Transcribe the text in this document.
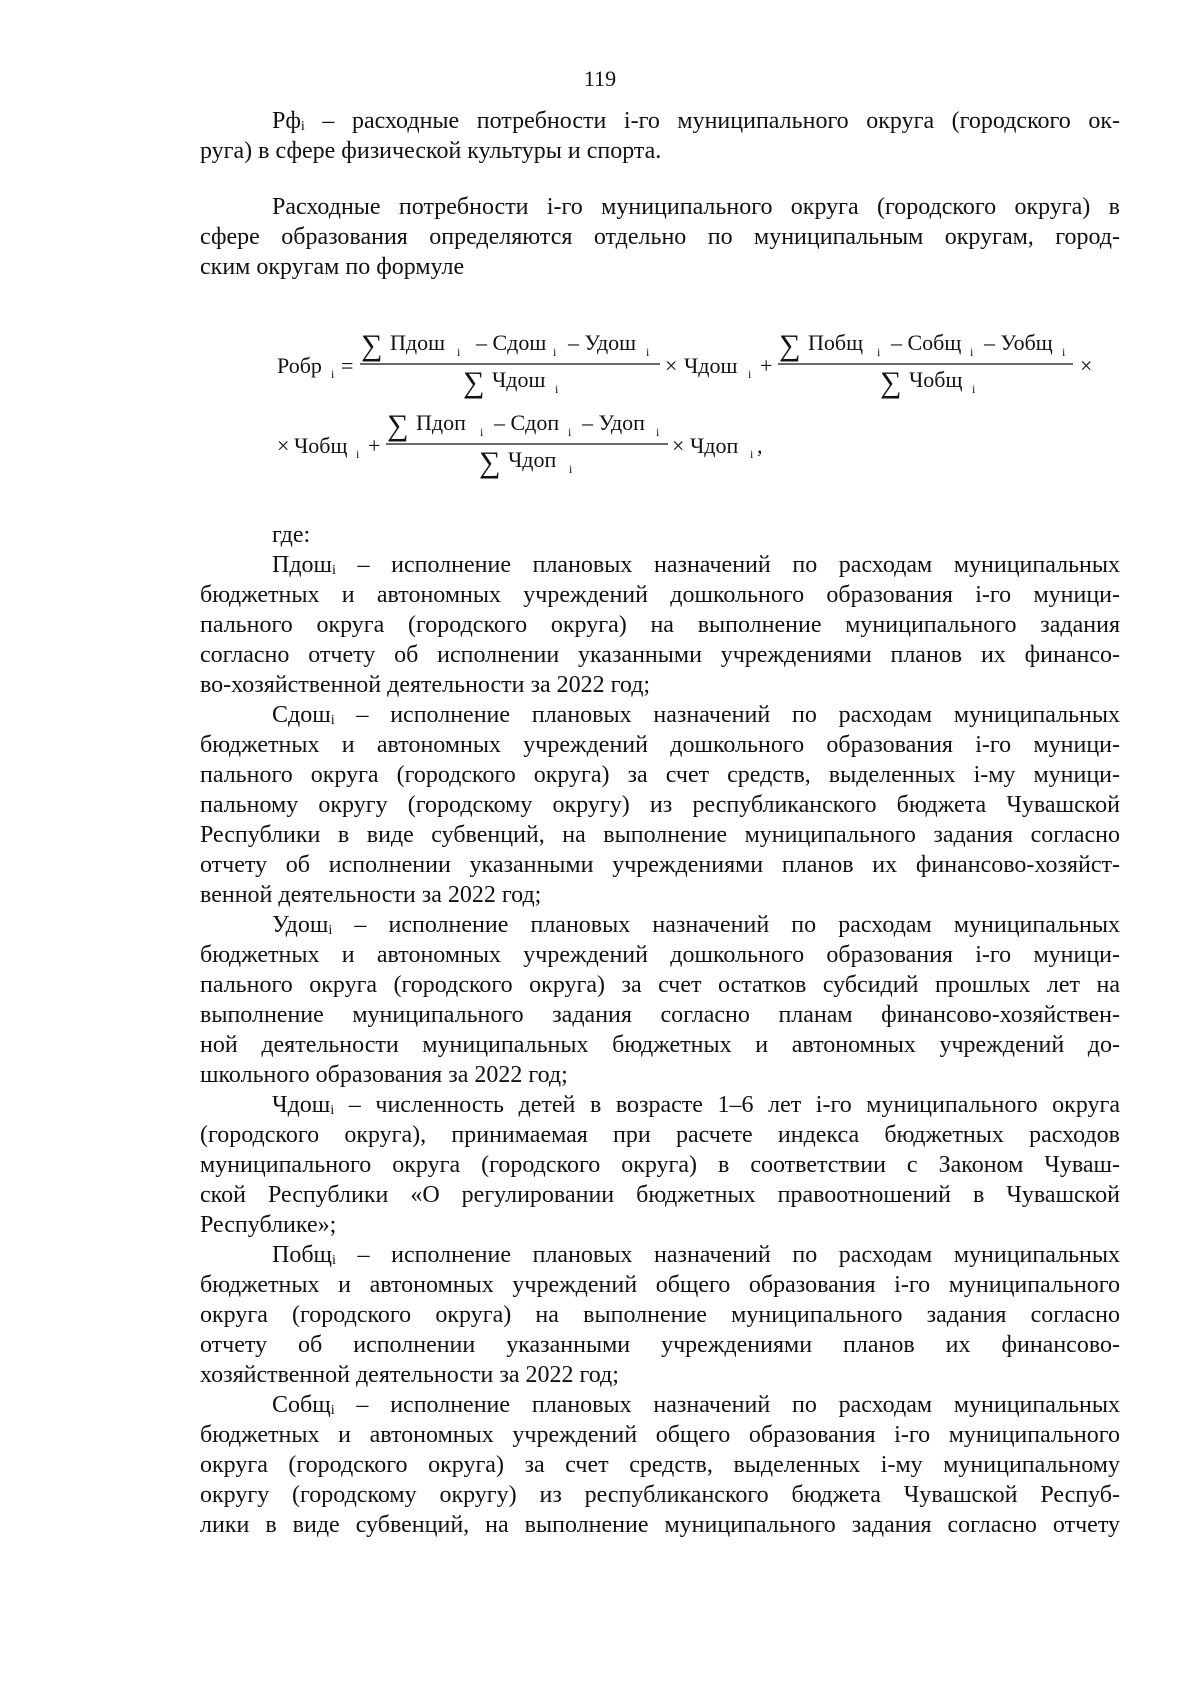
119
Рфᵢ – расходные потребности i-го муниципального округа (городского ок-
руга) в сфере физической культуры и спорта.
Расходные потребности i-го муниципального округа (городского округа) в
сфере образования определяются отдельно по муниципальным округам, город-
ским округам по формуле
Робр i =
∑ Пдош i – Сдош i – Удош i
∑ Чдош i
× Чдош i +
∑ Побщ i – Собщ i – Уобщ i
∑ Чобщ i
×
× Чобщ i +
∑ Пдоп i – Сдоп i – Удоп i
∑ Чдоп i
× Чдоп i ,
где:
Пдошᵢ – исполнение плановых назначений по расходам муниципальных
бюджетных и автономных учреждений дошкольного образования i-го муници-
пального округа (городского округа) на выполнение муниципального задания
согласно отчету об исполнении указанными учреждениями планов их финансо-
во-хозяйственной деятельности за 2022 год;
Сдошᵢ – исполнение плановых назначений по расходам муниципальных
бюджетных и автономных учреждений дошкольного образования i-го муници-
пального округа (городского округа) за счет средств, выделенных i-му муници-
пальному округу (городскому округу) из республиканского бюджета Чувашской
Республики в виде субвенций, на выполнение муниципального задания согласно
отчету об исполнении указанными учреждениями планов их финансово-хозяйст-
венной деятельности за 2022 год;
Удошᵢ – исполнение плановых назначений по расходам муниципальных
бюджетных и автономных учреждений дошкольного образования i-го муници-
пального округа (городского округа) за счет остатков субсидий прошлых лет на
выполнение муниципального задания согласно планам финансово-хозяйствен-
ной деятельности муниципальных бюджетных и автономных учреждений до-
школьного образования за 2022 год;
Чдошᵢ – численность детей в возрасте 1–6 лет i-го муниципального округа
(городского округа), принимаемая при расчете индекса бюджетных расходов
муниципального округа (городского округа) в соответствии с Законом Чуваш-
ской Республики «О регулировании бюджетных правоотношений в Чувашской
Республике»;
Побщᵢ – исполнение плановых назначений по расходам муниципальных
бюджетных и автономных учреждений общего образования i-го муниципального
округа (городского округа) на выполнение муниципального задания согласно
отчету об исполнении указанными учреждениями планов их финансово-
хозяйственной деятельности за 2022 год;
Собщᵢ – исполнение плановых назначений по расходам муниципальных
бюджетных и автономных учреждений общего образования i-го муниципального
округа (городского округа) за счет средств, выделенных i-му муниципальному
округу (городскому округу) из республиканского бюджета Чувашской Респуб-
лики в виде субвенций, на выполнение муниципального задания согласно отчету
